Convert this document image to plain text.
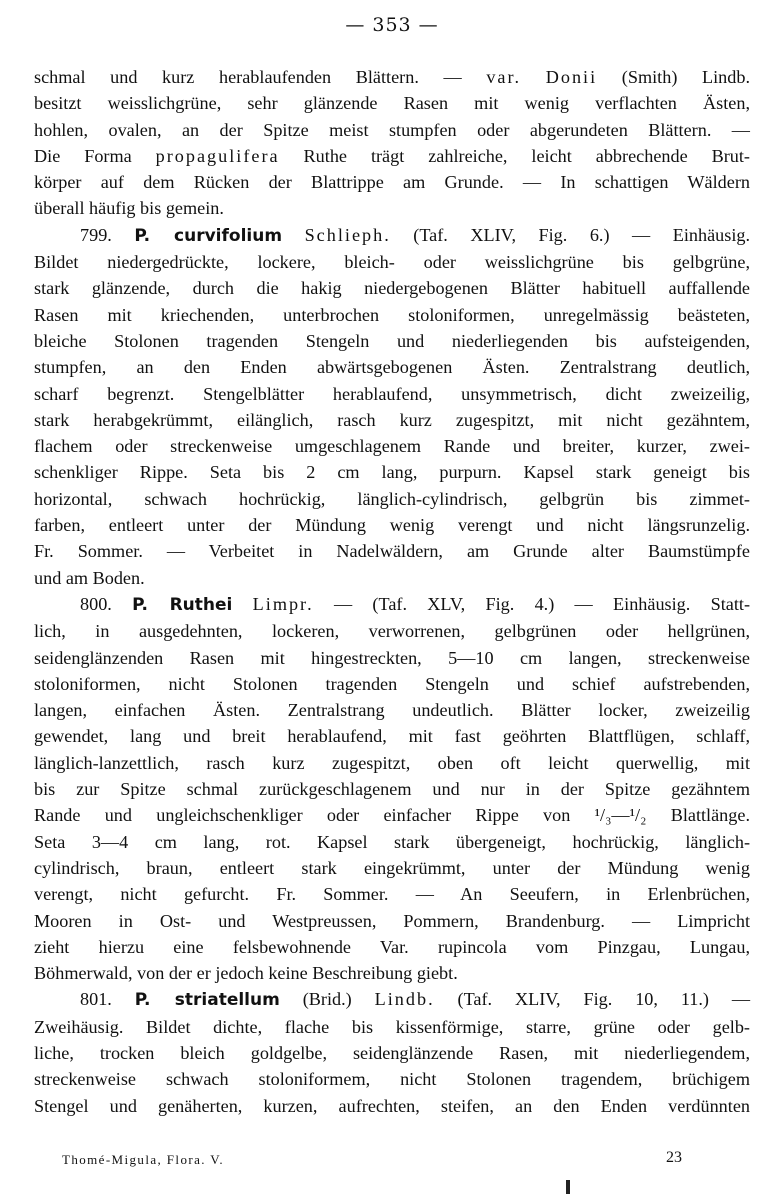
— 353 —
schmal und kurz herablaufenden Blättern. — var. Donii (Smith) Lindb.
besitzt weisslichgrüne, sehr glänzende Rasen mit wenig verflachten Ästen,
hohlen, ovalen, an der Spitze meist stumpfen oder abgerundeten Blättern. —
Die Forma propagulifera Ruthe trägt zahlreiche, leicht abbrechende Brut-
körper auf dem Rücken der Blattrippe am Grunde. — In schattigen Wäldern
überall häufig bis gemein.
799. P. curvifolium Schlieph. (Taf. XLIV, Fig. 6.) — Einhäusig.
Bildet niedergedrückte, lockere, bleich- oder weisslichgrüne bis gelbgrüne,
stark glänzende, durch die hakig niedergebogenen Blätter habituell auffallende
Rasen mit kriechenden, unterbrochen stoloniformen, unregelmässig beästeten,
bleiche Stolonen tragenden Stengeln und niederliegenden bis aufsteigenden,
stumpfen, an den Enden abwärtsgebogenen Ästen. Zentralstrang deutlich,
scharf begrenzt. Stengelblätter herablaufend, unsymmetrisch, dicht zweizeilig,
stark herabgekrümmt, eilänglich, rasch kurz zugespitzt, mit nicht gezähntem,
flachem oder streckenweise umgeschlagenem Rande und breiter, kurzer, zwei-
schenkliger Rippe. Seta bis 2 cm lang, purpurn. Kapsel stark geneigt bis
horizontal, schwach hochrückig, länglich-cylindrisch, gelbgrün bis zimmet-
farben, entleert unter der Mündung wenig verengt und nicht längsrunzelig.
Fr. Sommer. — Verbeitet in Nadelwäldern, am Grunde alter Baumstümpfe
und am Boden.
800. P. Ruthei Limpr. — (Taf. XLV, Fig. 4.) — Einhäusig. Statt-
lich, in ausgedehnten, lockeren, verworrenen, gelbgrünen oder hellgrünen,
seidenglänzenden Rasen mit hingestreckten, 5—10 cm langen, streckenweise
stoloniformen, nicht Stolonen tragenden Stengeln und schief aufstrebenden,
langen, einfachen Ästen. Zentralstrang undeutlich. Blätter locker, zweizeilig
gewendet, lang und breit herablaufend, mit fast geöhrten Blattflügen, schlaff,
länglich-lanzettlich, rasch kurz zugespitzt, oben oft leicht querwellig, mit
bis zur Spitze schmal zurückgeschlagenem und nur in der Spitze gezähntem
Rande und ungleichschenkliger oder einfacher Rippe von ¹/₃—¹/₂ Blattlänge.
Seta 3—4 cm lang, rot. Kapsel stark übergeneigt, hochrückig, länglich-
cylindrisch, braun, entleert stark eingekrümmt, unter der Mündung wenig
verengt, nicht gefurcht. Fr. Sommer. — An Seeufern, in Erlenbrüchen,
Mooren in Ost- und Westpreussen, Pommern, Brandenburg. — Limpricht
zieht hierzu eine felsbewohnende Var. rupincola vom Pinzgau, Lungau,
Böhmerwald, von der er jedoch keine Beschreibung giebt.
801. P. striatellum (Brid.) Lindb. (Taf. XLIV, Fig. 10, 11.) —
Zweihäusig. Bildet dichte, flache bis kissenförmige, starre, grüne oder gelb-
liche, trocken bleich goldgelbe, seidenglänzende Rasen, mit niederliegendem,
streckenweise schwach stoloniformem, nicht Stolonen tragendem, brüchigem
Stengel und genäherten, kurzen, aufrechten, steifen, an den Enden verdünnten
Thomé-Migula, Flora. V.	23
